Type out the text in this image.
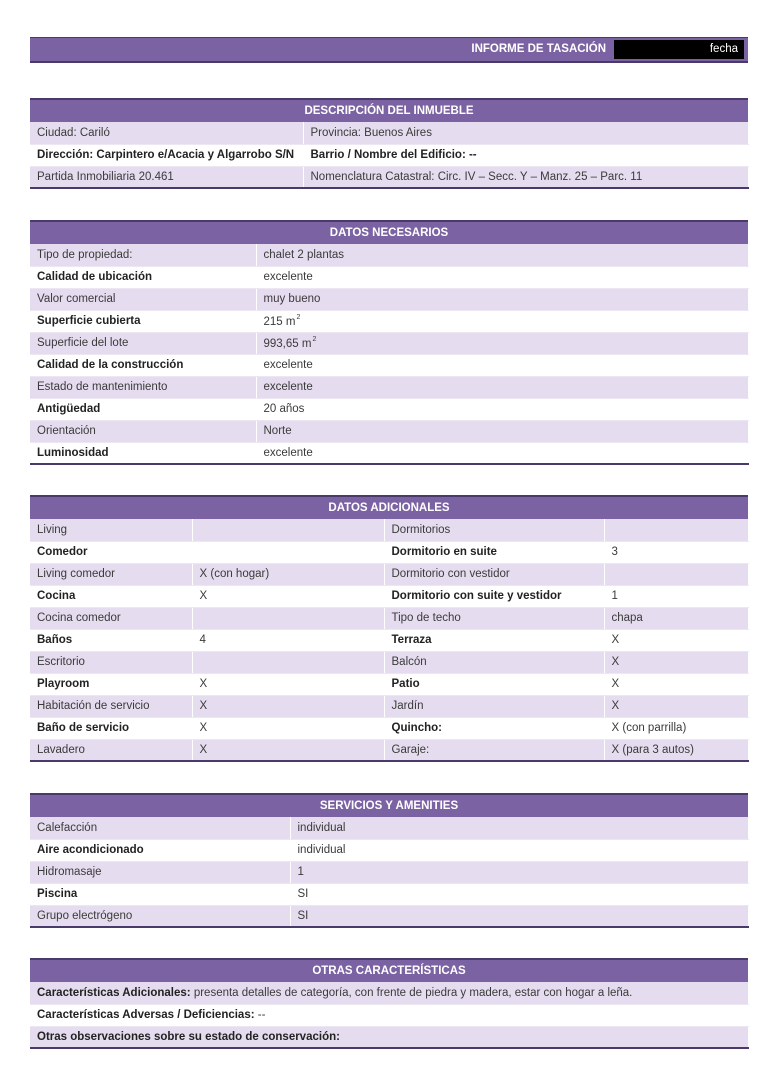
INFORME DE TASACIÓN	fecha
DESCRIPCIÓN DEL INMUEBLE	
Ciudad: Cariló	Provincia: Buenos Aires
Dirección: Carpintero e/Acacia y Algarrobo S/N	Barrio / Nombre del Edificio: --
Partida Inmobiliaria 20.461	Nomenclatura Catastral: Circ. IV – Secc. Y – Manz. 25 – Parc. 11
DATOS NECESARIOS	
Tipo de propiedad:	chalet 2 plantas
Calidad de ubicación	excelente
Valor comercial	muy bueno
Superficie cubierta	215 $m^2$
Superficie del lote	993,65 $m^2$
Calidad de la construcción	excelente
Estado de mantenimiento	excelente
Antigüedad	20 años
Orientación	Norte
Luminosidad	excelente
DATOS ADICIONALES			
Living		Dormitorios	
Comedor		Dormitorio en suite	3
Living comedor	X (con hogar)	Dormitorio con vestidor	
Cocina	X	Dormitorio con suite y vestidor	1
Cocina comedor		Tipo de techo	chapa
Baños	4	Terraza	X
Escritorio		Balcón	X
Playroom	X	Patio	X
Habitación de servicio	X	Jardín	X
Baño de servicio	X	Quincho:	X (con parrilla)
Lavadero	X	Garaje:	X (para 3 autos)
SERVICIOS Y AMENITIES	
Calefacción	individual
Aire acondicionado	individual
Hidromasaje	1
Piscina	SI
Grupo electrógeno	SI
OTRAS CARACTERÍSTICAS
Características Adicionales: presenta detalles de categoría, con frente de piedra y madera, estar con hogar a leña.
Características Adversas / Deficiencias: --
Otras observaciones sobre su estado de conservación:
